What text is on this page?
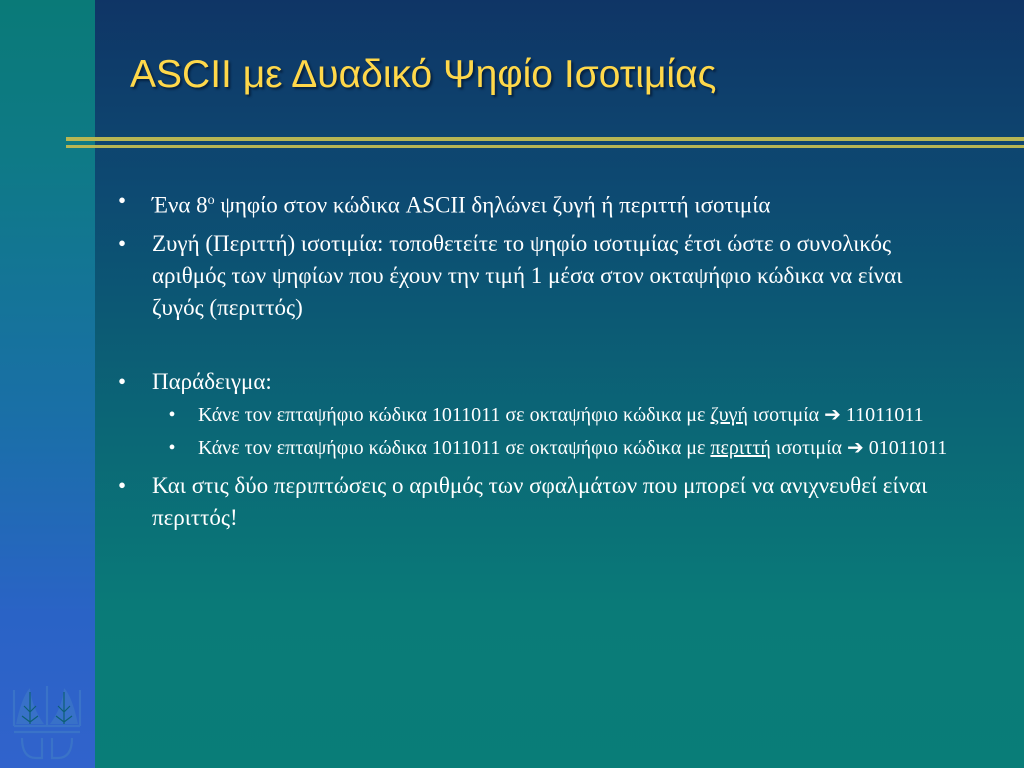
ASCII με Δυαδικό Ψηφίο Ισοτιμίας
• Ένα $8^o$ ψηφίο στον κώδικα ASCII δηλώνει ζυγή ή περιττή ισοτιμία
• Ζυγή (Περιττή) ισοτιμία: τοποθετείτε το ψηφίο ισοτιμίας έτσι ώστε ο συνολικός αριθμός των ψηφίων που έχουν την τιμή 1 μέσα στον οκταψήφιο κώδικα να είναι ζυγός (περιττός)
• Παράδειγμα:
• Κάνε τον επταψήφιο κώδικα 1011011 σε οκταψήφιο κώδικα με ζυγή ισοτιμία ➔ 11011011
• Κάνε τον επταψήφιο κώδικα 1011011 σε οκταψήφιο κώδικα με περιττή ισοτιμία ➔ 01011011
• Και στις δύο περιπτώσεις ο αριθμός των σφαλμάτων που μπορεί να ανιχνευθεί είναι περιττός!
